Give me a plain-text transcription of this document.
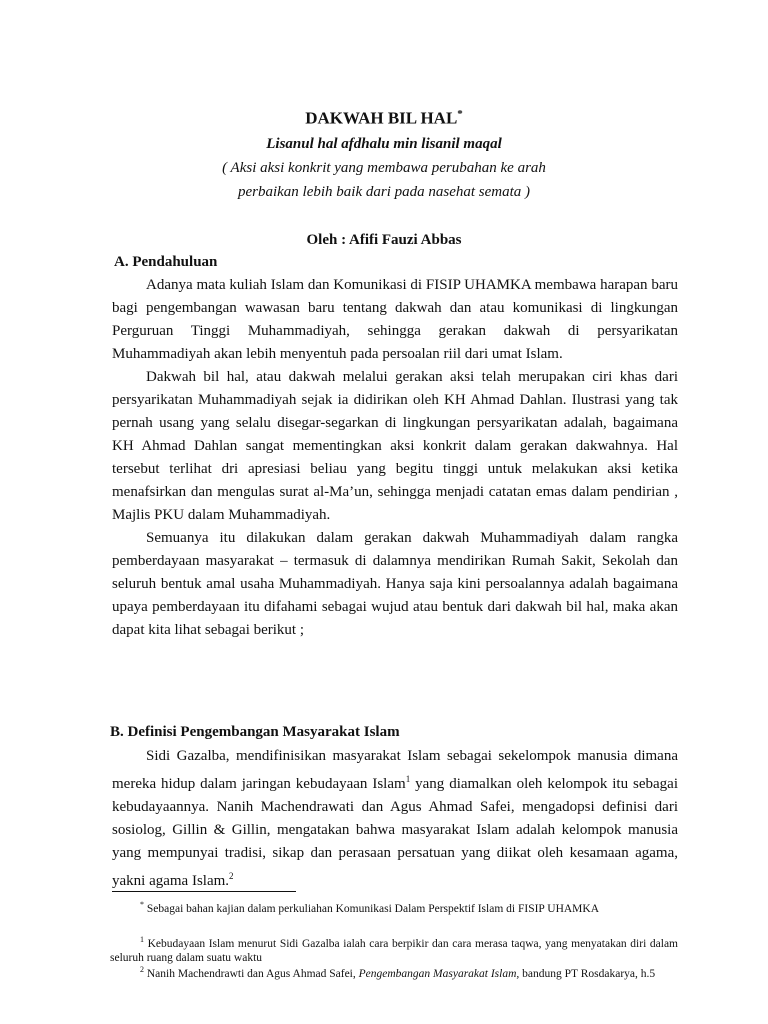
DAKWAH BIL HAL*
Lisanul hal afdhalu min lisanil maqal
( Aksi aksi konkrit yang membawa perubahan ke arah
perbaikan lebih baik dari pada nasehat semata )
Oleh : Afifi Fauzi Abbas
A. Pendahuluan

Adanya mata kuliah Islam dan Komunikasi di FISIP UHAMKA membawa harapan baru bagi pengembangan wawasan baru tentang dakwah dan atau komunikasi di lingkungan Perguruan Tinggi Muhammadiyah, sehingga gerakan dakwah di persyarikatan Muhammadiyah akan lebih menyentuh pada persoalan riil dari umat Islam.

Dakwah bil hal, atau dakwah melalui gerakan aksi telah merupakan ciri khas dari persyarikatan Muhammadiyah sejak ia didirikan oleh KH Ahmad Dahlan. Ilustrasi yang tak pernah usang yang selalu disegar-segarkan di lingkungan persyarikatan adalah, bagaimana KH Ahmad Dahlan sangat mementingkan aksi konkrit dalam gerakan dakwahnya. Hal tersebut terlihat dri apresiasi beliau yang begitu tinggi untuk melakukan aksi ketika menafsirkan dan mengulas surat al-Ma’un, sehingga menjadi catatan emas dalam pendirian , Majlis PKU dalam Muhammadiyah.

Semuanya itu dilakukan dalam gerakan dakwah Muhammadiyah dalam rangka pemberdayaan masyarakat – termasuk di dalamnya mendirikan Rumah Sakit, Sekolah dan seluruh bentuk amal usaha Muhammadiyah. Hanya saja kini persoalannya adalah bagaimana upaya pemberdayaan itu difahami sebagai wujud atau bentuk dari dakwah bil hal, maka akan dapat kita lihat sebagai berikut ;

B. Definisi Pengembangan Masyarakat Islam

Sidi Gazalba, mendifinisikan masyarakat Islam sebagai sekelompok manusia dimana mereka hidup dalam jaringan kebudayaan Islam$^1$ yang diamalkan oleh kelompok itu sebagai kebudayaannya. Nanih Machendrawati dan Agus Ahmad Safei, mengadopsi definisi dari sosiolog, Gillin & Gillin, mengatakan bahwa masyarakat Islam adalah kelompok manusia yang mempunyai tradisi, sikap dan perasaan persatuan yang diikat oleh kesamaan agama, yakni agama Islam.$^2$

* Sebagai bahan kajian dalam perkuliahan Komunikasi Dalam Perspektif Islam di FISIP UHAMKA

$^1$ Kebudayaan Islam menurut Sidi Gazalba ialah cara berpikir dan cara merasa taqwa, yang menyatakan diri dalam seluruh ruang dalam suatu waktu

$^2$ Nanih Machendrawti dan Agus Ahmad Safei, Pengembangan Masyarakat Islam, bandung PT Rosdakarya, h.5
